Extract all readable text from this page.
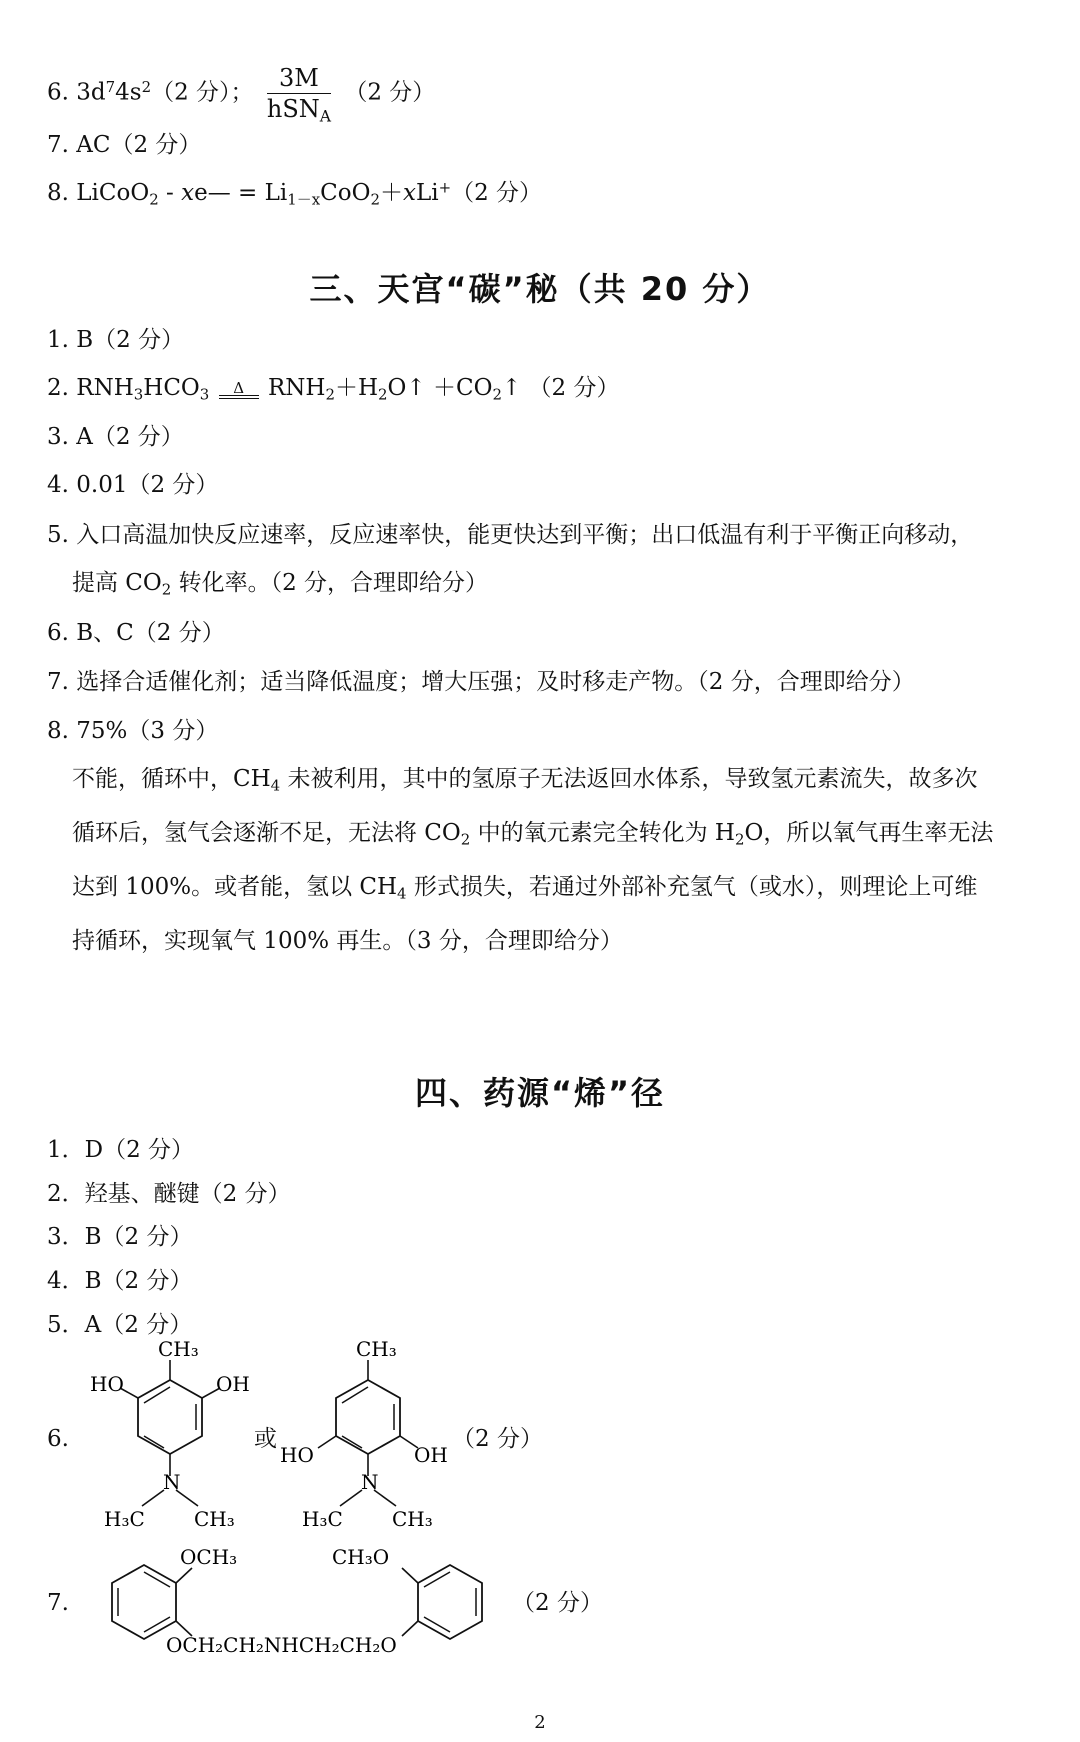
6. $3d^74s^2(2$ 分）； $\frac{3M}{hSN_A} (2$ 分）
7. AC（2 分）
8. LiCoO$_2$ - xe— = $Li_{1-x}CoO_2+xLi^+(2$ 分）
三、天宫“碳”秘（共 20 分）
1. B（2 分）
2. $RNH_3HCO_3$	Δ	$RNH_2+H_2O↑$ $+CO_2↑$ （2 分）
3. A（2 分）
4. 0.01（2 分）
5. 入口高温加快反应速率，反应速率快，能更快达到平衡；出口低温有利于平衡正向移动，
提高 $CO_2$ 转化率。（2 分，合理即给分）
6. B、C（2 分）
7. 选择合适催化剂；适当降低温度；增大压强；及时移走产物。（2 分，合理即给分）
8. 75%（3 分）
不能，循环中，$CH_4$ 未被利用，其中的氢原子无法返回水体系，导致氢元素流失，故多次
循环后，氢气会逐渐不足，无法将 $CO_2$ 中的氧元素完全转化为 $H_2O$，所以氧气再生率无法
达到 100%。或者能，氢以 $CH_4$ 形式损失，若通过外部补充氢气（或水），则理论上可维
持循环，实现氧气 100% 再生。（3 分，合理即给分）
四、药源“烯”径
1．D（2 分）
2．羟基、醚键（2 分）
3．B（2 分）
4．B（2 分）
5．A（2 分）
6.
CH₃
HO	OH
N
H₃C CH₃
或
CH₃
HO	OH
N
H₃C CH₃
（2 分）
7.
OCH₃	CH₃O
OCH₂CH₂NHCH₂CH₂O
（2 分）
2
